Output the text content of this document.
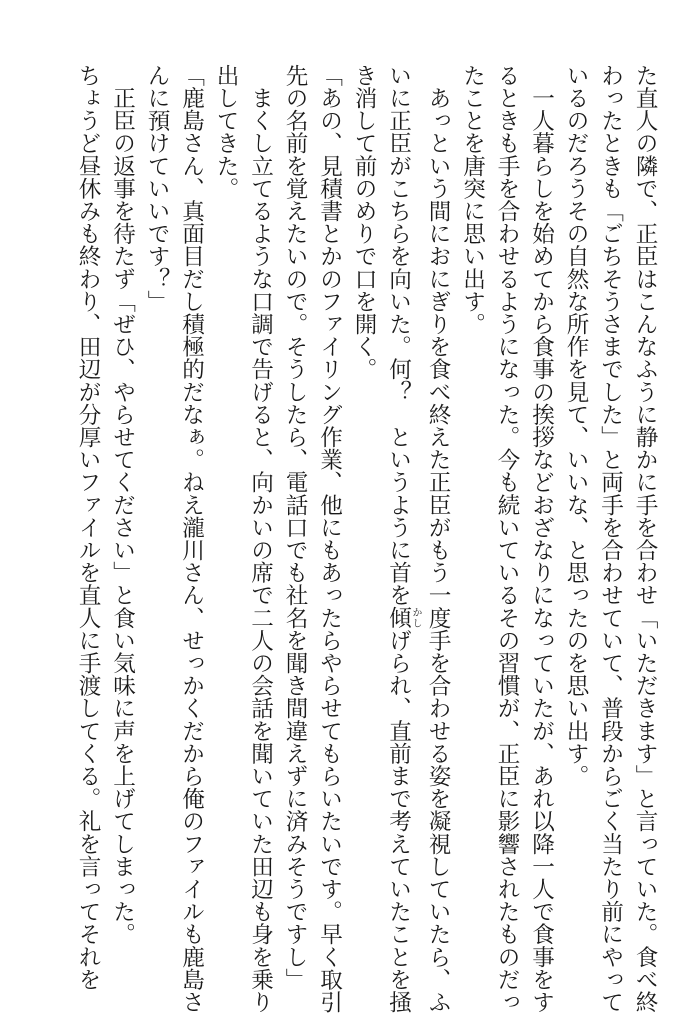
た直人の隣で、正臣はこんなふうに静かに手を合わせ「いただきます」と言っていた。食べ終
わったときも「ごちそうさまでした」と両手を合わせていて、普段からごく当たり前にやって
いるのだろうその自然な所作を見て、いいな、と思ったのを思い出す。
　一人暮らしを始めてから食事の挨拶などおざなりになっていたが、あれ以降一人で食事をす
るときも手を合わせるようになった。今も続いているその習慣が、正臣に影響されたものだっ
たことを唐突に思い出す。
　あっという間におにぎりを食べ終えた正臣がもう一度手を合わせる姿を凝視していたら、ふ
いに正臣がこちらを向いた。何？　というように首を傾かしげられ、直前まで考えていたことを掻
き消して前のめりで口を開く。
「あの、見積書とかのファイリング作業、他にもあったらやらせてもらいたいです。早く取引
先の名前を覚えたいので。そうしたら、電話口でも社名を聞き間違えずに済みそうですし」
　まくし立てるような口調で告げると、向かいの席で二人の会話を聞いていた田辺も身を乗り
出してきた。
「鹿島さん、真面目だし積極的だなぁ。ねえ瀧川さん、せっかくだから俺のファイルも鹿島さ
んに預けていいです？」
　正臣の返事を待たず「ぜひ、やらせてください」と食い気味に声を上げてしまった。
ちょうど昼休みも終わり、田辺が分厚いファイルを直人に手渡してくる。礼を言ってそれを
